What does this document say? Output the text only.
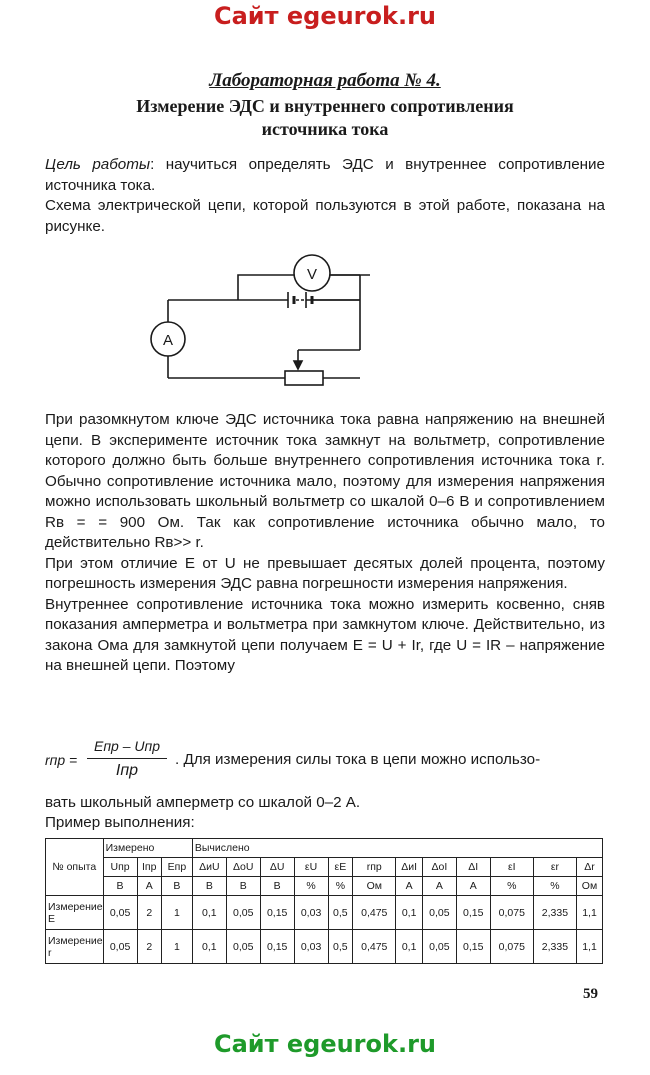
Сайт egeurok.ru
Лабораторная работа № 4.
Измерение ЭДС и внутреннего сопротивления
источника тока
Цель работы: научиться определять ЭДС и внутреннее сопротивление источника тока.
Схема электрической цепи, которой пользуются в этой работе, показана на рисунке.
V
A
При разомкнутом ключе ЭДС источника тока равна напряжению на внешней цепи. В эксперименте источник тока замкнут на вольтметр, сопротивление которого должно быть больше внутреннего сопротивления источника тока r. Обычно сопротивление источника мало, поэтому для измерения напряжения можно использовать школьный вольтметр со шкалой 0–6 В и сопротивлением Rв = = 900 Ом. Так как сопротивление источника обычно мало, то действительно Rв>> r.
При этом отличие E от U не превышает десятых долей процента, поэтому погрешность измерения ЭДС равна погрешности измерения напряжения.
Внутреннее сопротивление источника тока можно измерить косвенно, сняв показания амперметра и вольтметра при замкнутом ключе. Действительно, из закона Ома для замкнутой цепи получаем E = U + Ir, где U = IR – напряжение на внешней цепи. Поэтому
rпр =
Eпр – Uпр
Iпр
. Для измерения силы тока в цепи можно использо-
вать школьный амперметр со шкалой 0–2 А.
Пример выполнения:
№ опыта	Измерено			Вычислено											
	Uпр	Iпр	Eпр	ΔиU	ΔоU	ΔU	εU	εE	rпр	ΔиI	ΔоI	ΔI	εI	εr	Δr
	В	А	В	В	В	В	%	%	Ом	А	А	А	%	%	Ом
Измерение E	0,05	2	1	0,1	0,05	0,15	0,03	0,5	0,475	0,1	0,05	0,15	0,075	2,335	1,1
Измерение r	0,05	2	1	0,1	0,05	0,15	0,03	0,5	0,475	0,1	0,05	0,15	0,075	2,335	1,1
59
Сайт egeurok.ru
